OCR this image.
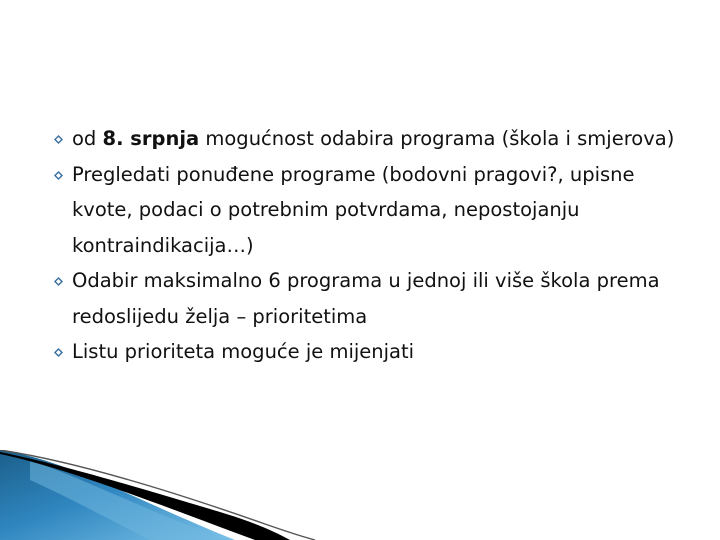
od 8. srpnja mogućnost odabira programa (škola i smjerova)
Pregledati ponuđene programe (bodovni pragovi?, upisne kvote, podaci o potrebnim potvrdama, nepostojanju kontraindikacija…)
Odabir maksimalno 6 programa u jednoj ili više škola prema redoslijedu želja – prioritetima
Listu prioriteta moguće je mijenjati
